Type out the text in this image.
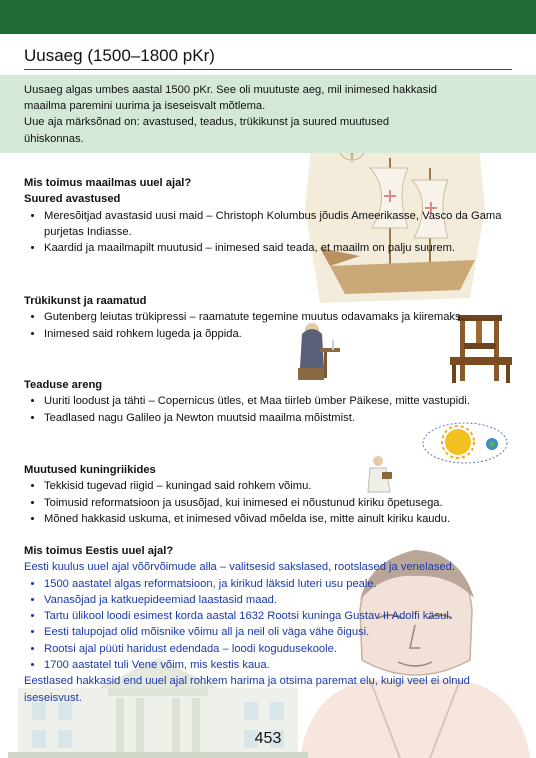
Uusaeg (1500–1800 pKr)
Uusaeg algas umbes aastal 1500 pKr. See oli muutuste aeg, mil inimesed hakkasid
maailma paremini uurima ja iseseisvalt mõtlema.
Uue aja märksõnad on: avastused, teadus, trükikunst ja suured muutused
ühiskonnas.
Mis toimus maailmas uuel ajal?
Suured avastused
• Meresõitjad avastasid uusi maid – Christoph Kolumbus jõudis Ameerikasse, Vasco da Gama purjetas Indiasse.
• Kaardid ja maailmapilt muutusid – inimesed said teada, et maailm on palju suurem.
Trükikunst ja raamatud
• Gutenberg leiutas trükipressi – raamatute tegemine muutus odavamaks ja kiiremaks.
• Inimesed said rohkem lugeda ja õppida.
Teaduse areng
• Uuriti loodust ja tähti – Copernicus ütles, et Maa tiirleb ümber Päikese, mitte vastupidi.
• Teadlased nagu Galileo ja Newton muutsid maailma mõistmist.
Muutused kuningriikides
• Tekkisid tugevad riigid – kuningad said rohkem võimu.
• Toimusid reformatsioon ja ususõjad, kui inimesed ei nõustunud kiriku õpetusega.
• Mõned hakkasid uskuma, et inimesed võivad mõelda ise, mitte ainult kiriku kaudu.
Mis toimus Eestis uuel ajal?
Eesti kuulus uuel ajal võõrvõimude alla – valitsesid sakslased, rootslased ja venelased.
• 1500 aastatel algas reformatsioon, ja kirikud läksid luteri usu peale.
• Vanasõjad ja katkuepideemiad laastasid maad.
• Tartu ülikool loodi esimest korda aastal 1632 Rootsi kuninga Gustav II Adolfi käsul.
• Eesti talupojad olid mõisnike võimu all ja neil oli väga vähe õigusi.
• Rootsi ajal püüti haridust edendada – loodi kogudusekoole.
• 1700 aastatel tuli Vene võim, mis kestis kaua.
Eestlased hakkasid end uuel ajal rohkem harima ja otsima paremat elu, kuigi veel ei olnud iseseisvust.
453
